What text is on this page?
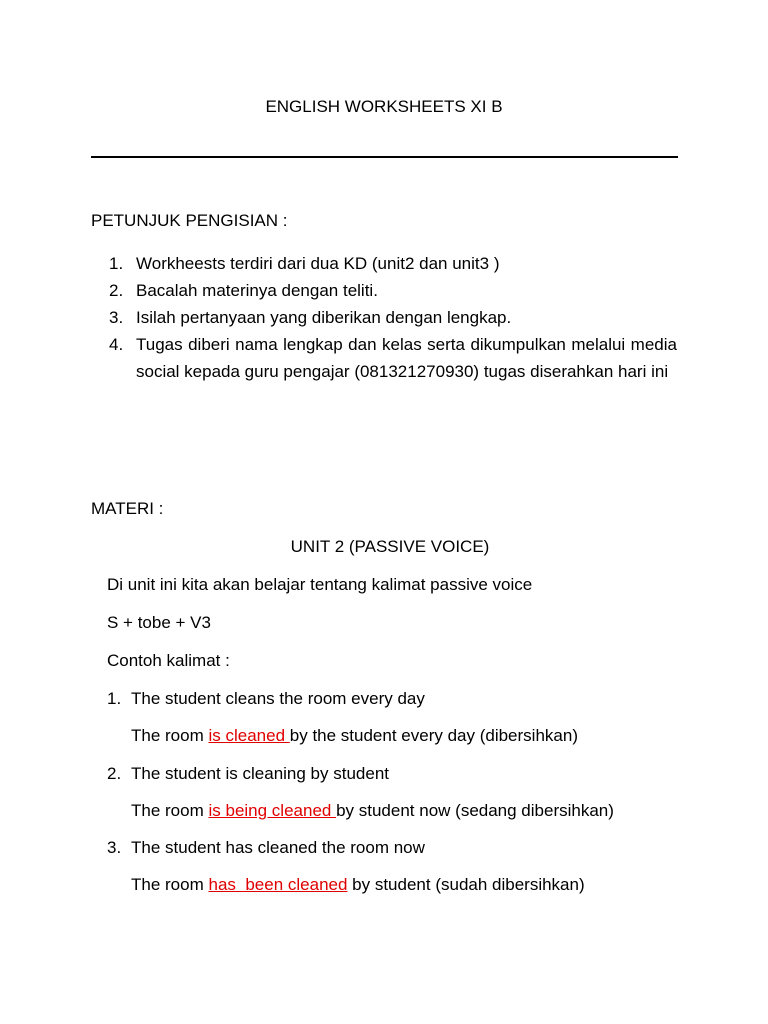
ENGLISH WORKSHEETS XI B
PETUNJUK PENGISIAN :
1. Workheests terdiri dari dua KD (unit2 dan unit3 )
2. Bacalah materinya dengan teliti.
3. Isilah pertanyaan yang diberikan dengan lengkap.
4. Tugas diberi nama lengkap dan kelas serta dikumpulkan melalui media social kepada guru pengajar (081321270930) tugas diserahkan hari ini
MATERI :
UNIT 2 (PASSIVE VOICE)
Di unit ini kita akan belajar tentang kalimat passive voice
S + tobe + V3
Contoh kalimat :
1. The student cleans the room every day
The room is cleaned by the student every day (dibersihkan)
2. The student is cleaning by student
The room is being cleaned by student now (sedang dibersihkan)
3. The student has cleaned the room now
The room has  been cleaned by student (sudah dibersihkan)
